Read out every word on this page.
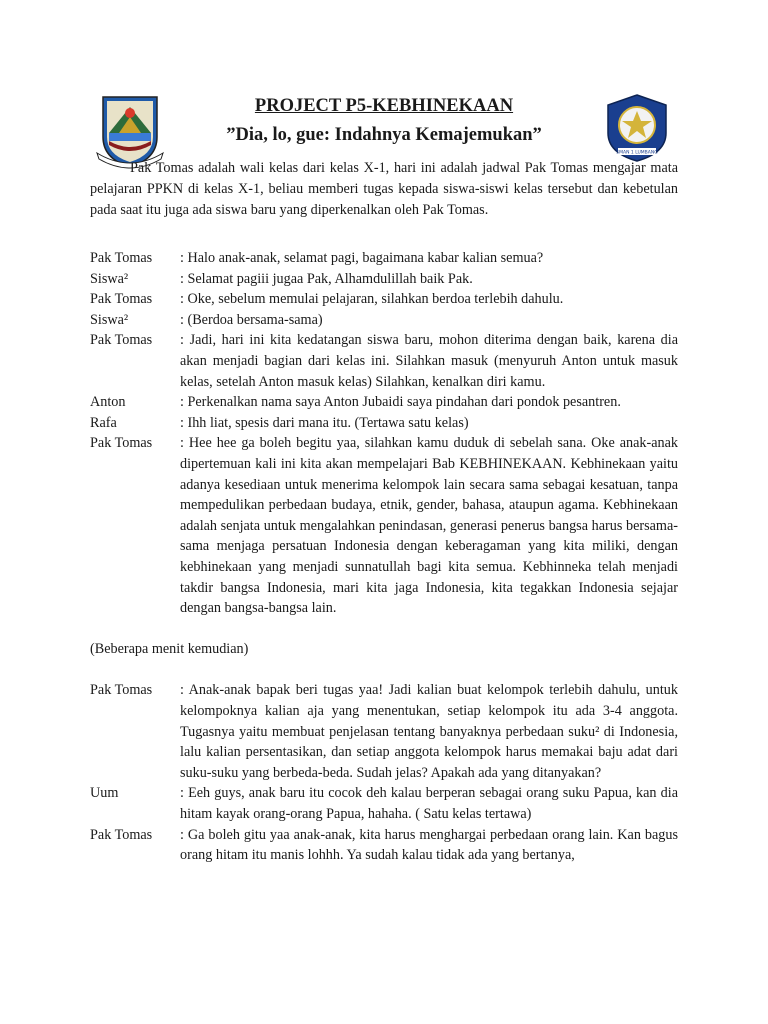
PROJECT P5-KEBHINEKAAN
”Dia, lo, gue: Indahnya Kemajemukan”
SMAN 1 LUMBANG

Pak Tomas adalah wali kelas dari kelas X-1, hari ini adalah jadwal Pak Tomas mengajar mata pelajaran PPKN di kelas X-1, beliau memberi tugas kepada siswa-siswi kelas tersebut dan kebetulan pada saat itu juga ada siswa baru yang diperkenalkan oleh Pak Tomas.

Pak Tomas	: Halo anak-anak, selamat pagi, bagaimana kabar kalian semua?
Siswa²	: Selamat pagiii jugaa Pak, Alhamdulillah baik Pak.
Pak Tomas	: Oke, sebelum memulai pelajaran, silahkan berdoa terlebih dahulu.
Siswa²	: (Berdoa bersama-sama)
Pak Tomas	: Jadi, hari ini kita kedatangan siswa baru, mohon diterima dengan baik, karena dia akan menjadi bagian dari kelas ini. Silahkan masuk (menyuruh Anton untuk masuk kelas, setelah Anton masuk kelas) Silahkan, kenalkan diri kamu.
Anton	: Perkenalkan nama saya Anton Jubaidi saya pindahan dari pondok pesantren.
Rafa	: Ihh liat, spesis dari mana itu. (Tertawa satu kelas)
Pak Tomas	: Hee hee ga boleh begitu yaa, silahkan kamu duduk di sebelah sana. Oke anak-anak dipertemuan kali ini kita akan mempelajari Bab KEBHINEKAAN. Kebhinekaan yaitu adanya kesediaan untuk menerima kelompok lain secara sama sebagai kesatuan, tanpa mempedulikan perbedaan budaya, etnik, gender, bahasa, ataupun agama. Kebhinekaan adalah senjata untuk mengalahkan penindasan, generasi penerus bangsa harus bersama-sama menjaga persatuan Indonesia dengan keberagaman yang kita miliki, dengan kebhinekaan yang menjadi sunnatullah bagi kita semua. Kebhinneka telah menjadi takdir bangsa Indonesia, mari kita jaga Indonesia, kita tegakkan Indonesia sejajar dengan bangsa-bangsa lain.

(Beberapa menit kemudian)

Pak Tomas	: Anak-anak bapak beri tugas yaa! Jadi kalian buat kelompok terlebih dahulu, untuk kelompoknya kalian aja yang menentukan, setiap kelompok itu ada 3-4 anggota. Tugasnya yaitu membuat penjelasan tentang banyaknya perbedaan suku² di Indonesia, lalu kalian persentasikan, dan setiap anggota kelompok harus memakai baju adat dari suku-suku yang berbeda-beda. Sudah jelas? Apakah ada yang ditanyakan?
Uum	: Eeh guys, anak baru itu cocok deh kalau berperan sebagai orang suku Papua, kan dia hitam kayak orang-orang Papua, hahaha. ( Satu kelas tertawa)
Pak Tomas	: Ga boleh gitu yaa anak-anak, kita harus menghargai perbedaan orang lain. Kan bagus orang hitam itu manis lohhh. Ya sudah kalau tidak ada yang bertanya,
